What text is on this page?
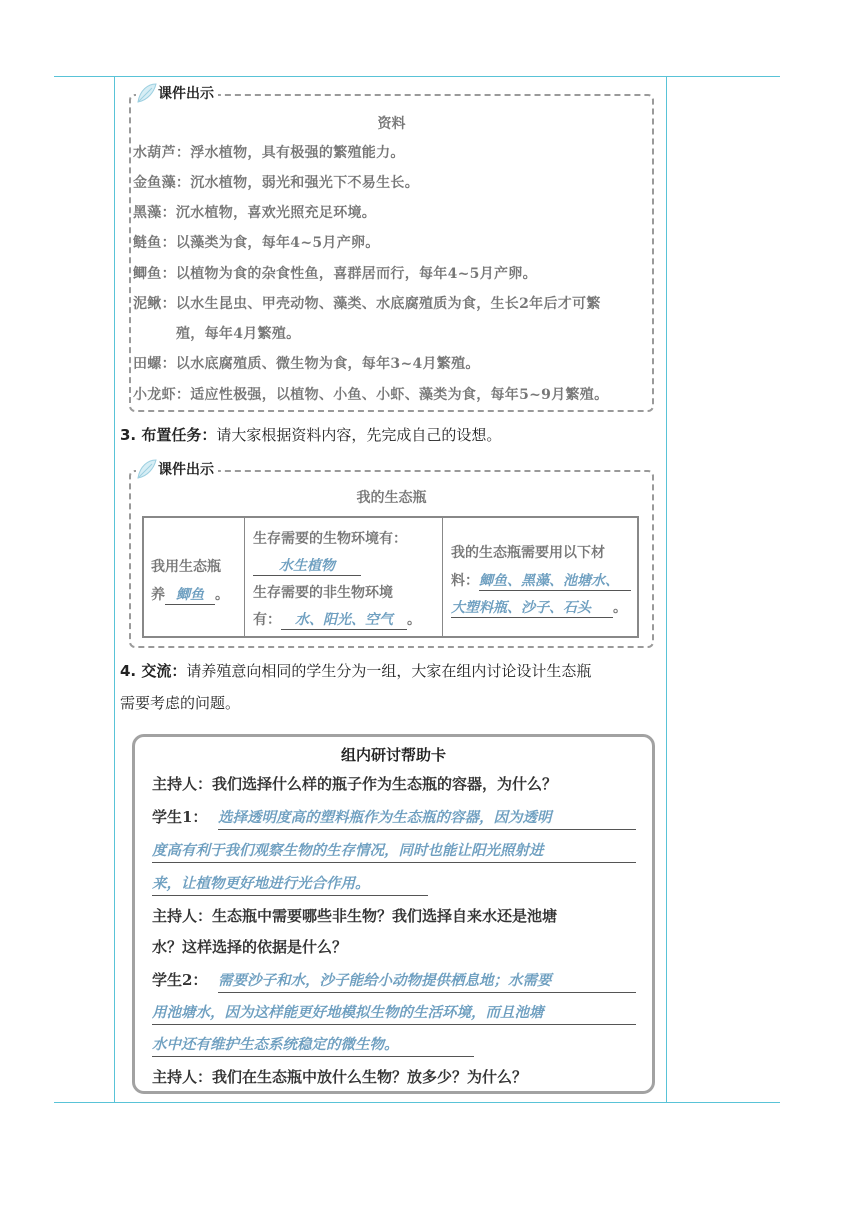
课件出示
资料
水葫芦：浮水植物，具有极强的繁殖能力。
金鱼藻：沉水植物，弱光和强光下不易生长。
黑藻：沉水植物，喜欢光照充足环境。
鲢鱼：以藻类为食，每年4~5月产卵。
鲫鱼：以植物为食的杂食性鱼，喜群居而行，每年4~5月产卵。
泥鳅：以水生昆虫、甲壳动物、藻类、水底腐殖质为食，生长2年后才可繁
殖，每年4月繁殖。
田螺：以水底腐殖质、微生物为食，每年3~4月繁殖。
小龙虾：适应性极强，以植物、小鱼、小虾、藻类为食，每年5~9月繁殖。
3. 布置任务：请大家根据资料内容，先完成自己的设想。
课件出示
我的生态瓶
我用生态瓶
养 鲫鱼 。
生存需要的生物环境有：
水生植物
生存需要的非生物环境
有： 水、阳光、空气 。
我的生态瓶需要用以下材
料：鲫鱼、黑藻、池塘水、
大塑料瓶、沙子、石头 。
4. 交流：请养殖意向相同的学生分为一组，大家在组内讨论设计生态瓶
需要考虑的问题。
组内研讨帮助卡
主持人：我们选择什么样的瓶子作为生态瓶的容器，为什么？
学生1： 选择透明度高的塑料瓶作为生态瓶的容器，因为透明
度高有利于我们观察生物的生存情况，同时也能让阳光照射进
来，让植物更好地进行光合作用。
主持人：生态瓶中需要哪些非生物？我们选择自来水还是池塘
水？这样选择的依据是什么？
学生2： 需要沙子和水，沙子能给小动物提供栖息地；水需要
用池塘水，因为这样能更好地模拟生物的生活环境，而且池塘
水中还有维护生态系统稳定的微生物。
主持人：我们在生态瓶中放什么生物？放多少？为什么？
